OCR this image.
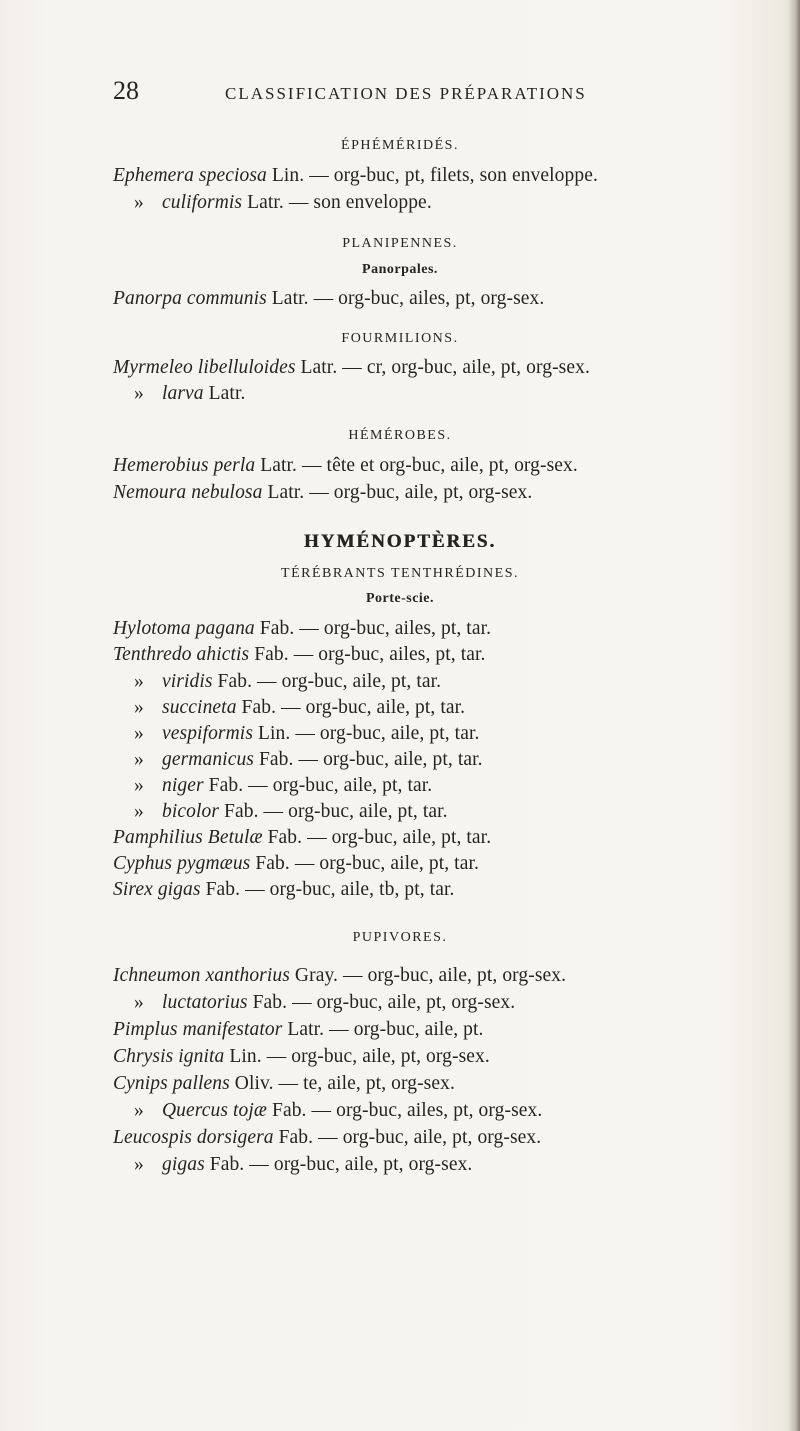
28	CLASSIFICATION DES PRÉPARATIONS
ÉPHÉMÉRIDÉS.
Ephemera speciosa Lin. — org-buc, pt, filets, son enveloppe.
» culiformis Latr. — son enveloppe.
PLANIPENNES.
Panorpales.
Panorpa communis Latr. — org-buc, ailes, pt, org-sex.
FOURMILIONS.
Myrmeleo libelluloides Latr. — cr, org-buc, aile, pt, org-sex.
» larva Latr.
HÉMÉROBES.
Hemerobius perla Latr. — tête et org-buc, aile, pt, org-sex.
Nemoura nebulosa Latr. — org-buc, aile, pt, org-sex.
HYMÉNOPTÈRES.
TÉRÉBRANTS TENTHRÉDINES.
Porte-scie.
Hylotoma pagana Fab. — org-buc, ailes, pt, tar.
Tenthredo ahictis Fab. — org-buc, ailes, pt, tar.
» viridis Fab. — org-buc, aile, pt, tar.
» succineta Fab. — org-buc, aile, pt, tar.
» vespiformis Lin. — org-buc, aile, pt, tar.
» germanicus Fab. — org-buc, aile, pt, tar.
» niger Fab. — org-buc, aile, pt, tar.
» bicolor Fab. — org-buc, aile, pt, tar.
Pamphilius Betulæ Fab. — org-buc, aile, pt, tar.
Cyphus pygmæus Fab. — org-buc, aile, pt, tar.
Sirex gigas Fab. — org-buc, aile, tb, pt, tar.
PUPIVORES.
Ichneumon xanthorius Gray. — org-buc, aile, pt, org-sex.
» luctatorius Fab. — org-buc, aile, pt, org-sex.
Pimplus manifestator Latr. — org-buc, aile, pt.
Chrysis ignita Lin. — org-buc, aile, pt, org-sex.
Cynips pallens Oliv. — te, aile, pt, org-sex.
» Quercus tojæ Fab. — org-buc, ailes, pt, org-sex.
Leucospis dorsigera Fab. — org-buc, aile, pt, org-sex.
» gigas Fab. — org-buc, aile, pt, org-sex.
